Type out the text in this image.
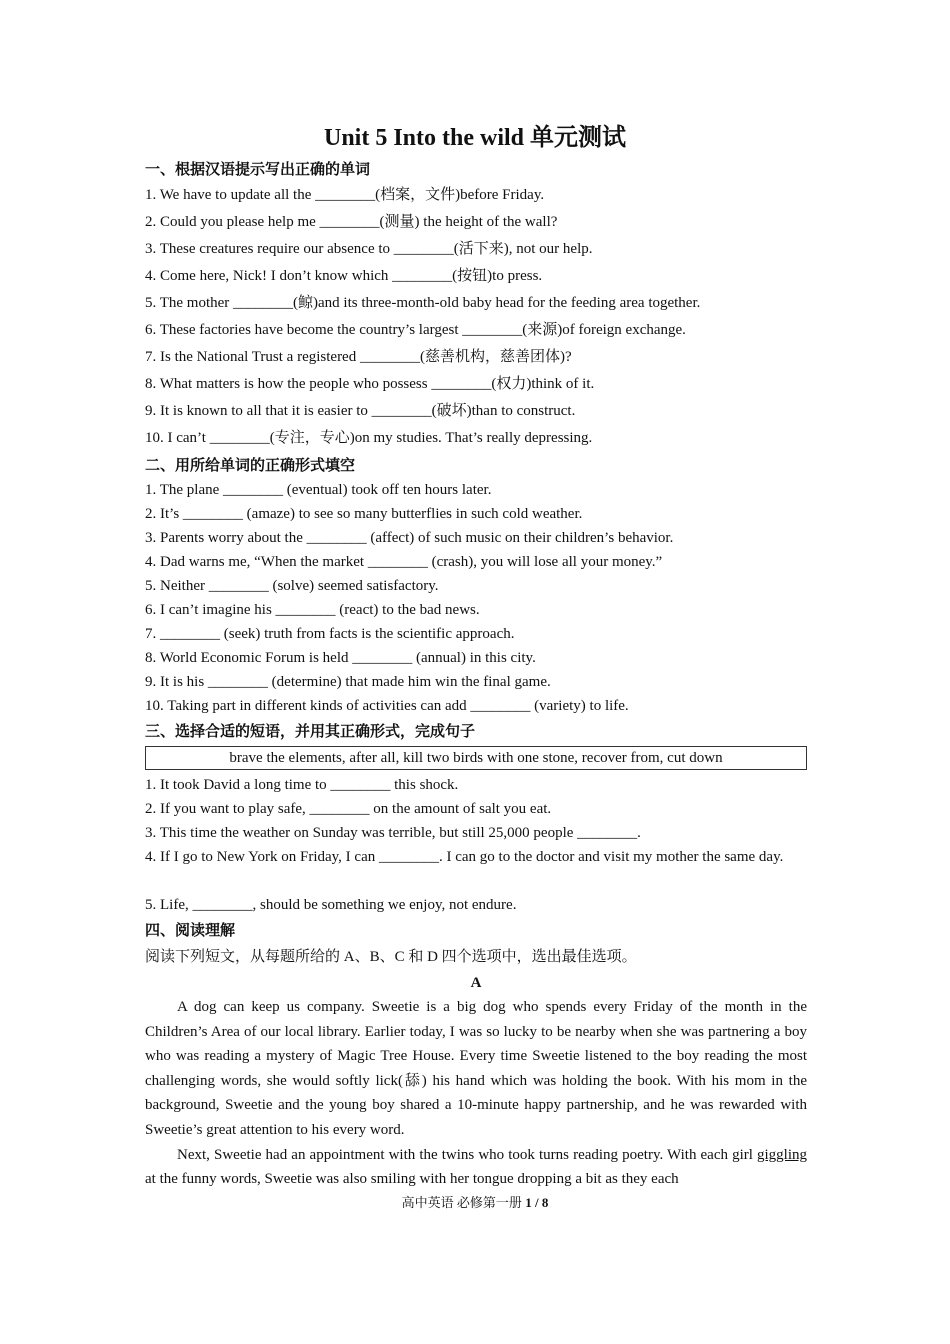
Unit 5 Into the wild 单元测试
一、根据汉语提示写出正确的单词
1. We have to update all the ________(档案，文件)before Friday.
2. Could you please help me ________(测量) the height of the wall?
3. These creatures require our absence to ________(活下来), not our help.
4. Come here, Nick! I don’t know which ________(按钮)to press.
5. The mother ________(鲸)and its three-month-old baby head for the feeding area together.
6. These factories have become the country’s largest ________(来源)of foreign exchange.
7. Is the National Trust a registered ________(慈善机构，慈善团体)?
8. What matters is how the people who possess ________(权力)think of it.
9. It is known to all that it is easier to ________(破坏)than to construct.
10. I can’t ________(专注，专心)on my studies. That’s really depressing.
二、用所给单词的正确形式填空
1. The plane ________ (eventual) took off ten hours later.
2. It’s ________ (amaze) to see so many butterflies in such cold weather.
3. Parents worry about the ________ (affect) of such music on their children’s behavior.
4. Dad warns me, “When the market ________ (crash), you will lose all your money.”
5. Neither ________ (solve) seemed satisfactory.
6. I can’t imagine his ________ (react) to the bad news.
7. ________ (seek) truth from facts is the scientific approach.
8. World Economic Forum is held ________ (annual) in this city.
9. It is his ________ (determine) that made him win the final game.
10. Taking part in different kinds of activities can add ________ (variety) to life.
三、选择合适的短语，并用其正确形式，完成句子
brave the elements, after all, kill two birds with one stone, recover from, cut down
1. It took David a long time to ________ this shock.
2. If you want to play safe, ________ on the amount of salt you eat.
3. This time the weather on Sunday was terrible, but still 25,000 people ________.
4. If I go to New York on Friday, I can ________. I can go to the doctor and visit my mother the same day.
5. Life, ________, should be something we enjoy, not endure.
四、阅读理解
阅读下列短文，从每题所给的 A、B、C 和 D 四个选项中，选出最佳选项。
A

A dog can keep us company. Sweetie is a big dog who spends every Friday of the month in the Children’s Area of our local library. Earlier today, I was so lucky to be nearby when she was partnering a boy who was reading a mystery of Magic Tree House. Every time Sweetie listened to the boy reading the most challenging words, she would softly lick(舔) his hand which was holding the book. With his mom in the background, Sweetie and the young boy shared a 10-minute happy partnership, and he was rewarded with Sweetie’s great attention to his every word.

Next, Sweetie had an appointment with the twins who took turns reading poetry. With each girl giggling at the funny words, Sweetie was also smiling with her tongue dropping a bit as they each

高中英语 必修第一册 1 / 8
